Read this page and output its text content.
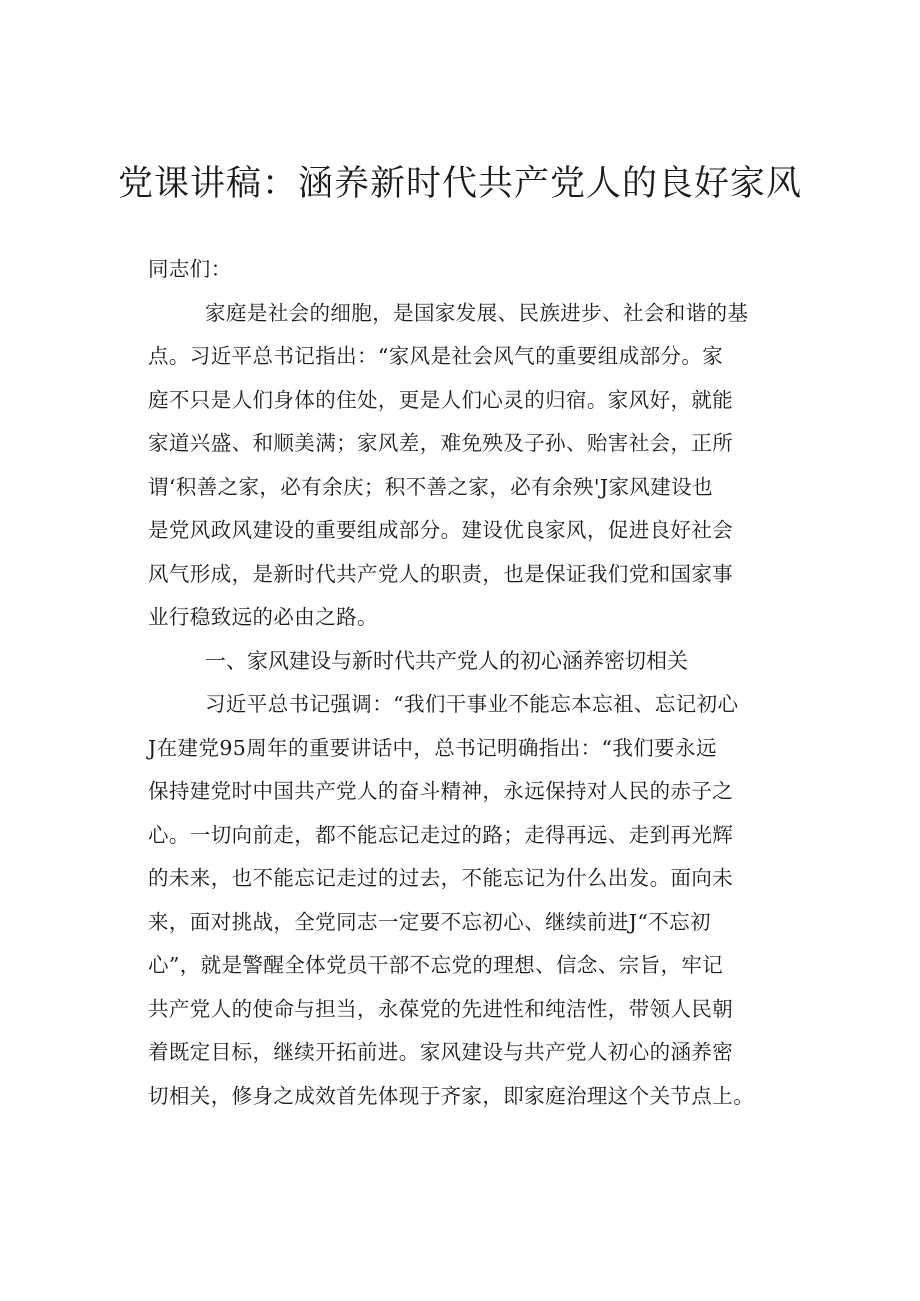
党课讲稿：涵养新时代共产党人的良好家风
同志们：
家庭是社会的细胞，是国家发展、民族进步、社会和谐的基
点。习近平总书记指出：“家风是社会风气的重要组成部分。家
庭不只是人们身体的住处，更是人们心灵的归宿。家风好，就能
家道兴盛、和顺美满；家风差，难免殃及子孙、贻害社会，正所
谓‘积善之家，必有余庆；积不善之家，必有余殃'J家风建设也
是党风政风建设的重要组成部分。建设优良家风，促进良好社会
风气形成，是新时代共产党人的职责，也是保证我们党和国家事
业行稳致远的必由之路。
一、家风建设与新时代共产党人的初心涵养密切相关
习近平总书记强调：“我们干事业不能忘本忘祖、忘记初心
J在建党95周年的重要讲话中，总书记明确指出：“我们要永远
保持建党时中国共产党人的奋斗精神，永远保持对人民的赤子之
心。一切向前走，都不能忘记走过的路；走得再远、走到再光辉
的未来，也不能忘记走过的过去，不能忘记为什么出发。面向未
来，面对挑战，全党同志一定要不忘初心、继续前进J“不忘初
心”，就是警醒全体党员干部不忘党的理想、信念、宗旨，牢记
共产党人的使命与担当，永葆党的先进性和纯洁性，带领人民朝
着既定目标，继续开拓前进。家风建设与共产党人初心的涵养密
切相关，修身之成效首先体现于齐家，即家庭治理这个关节点上。
